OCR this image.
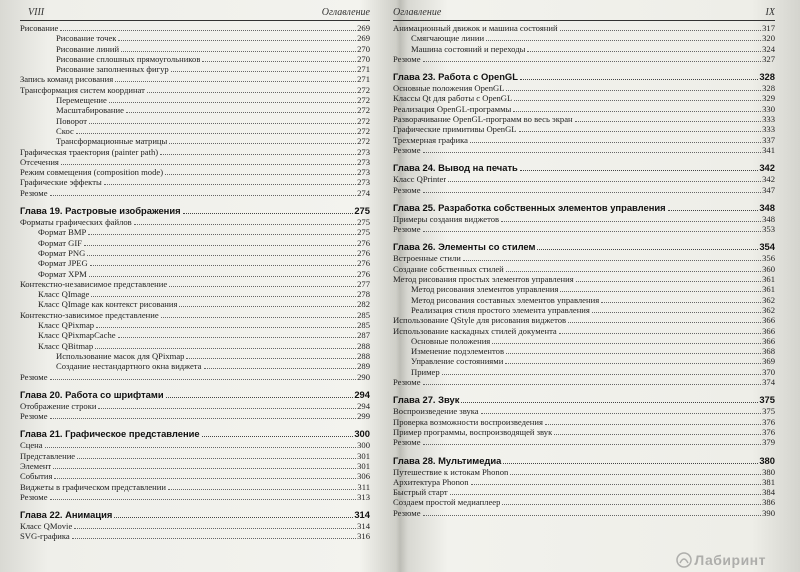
VIII	Оглавление
Рисование	269
Рисование точек	269
Рисование линий	270
Рисование сплошных прямоугольников	270
Рисование заполненных фигур	271
Запись команд рисования	271
Трансформация систем координат	272
Перемещение	272
Масштабирование	272
Поворот	272
Скос	272
Трансформационные матрицы	272
Графическая траектория (painter path)	273
Отсечения	273
Режим совмещения (composition mode)	273
Графические эффекты	273
Резюме	274
Глава 19. Растровые изображения	275
Форматы графических файлов	275
Формат BMP	275
Формат GIF	276
Формат PNG	276
Формат JPEG	276
Формат XPM	276
Контекстно-независимое представление	277
Класс QImage	278
Класс QImage как контекст рисования	282
Контекстно-зависимое представление	285
Класс QPixmap	285
Класс QPixmapCache	287
Класс QBitmap	288
Использование масок для QPixmap	288
Создание нестандартного окна виджета	289
Резюме	290
Глава 20. Работа со шрифтами	294
Отображение строки	294
Резюме	299
Глава 21. Графическое представление	300
Сцена	300
Представление	301
Элемент	301
События	306
Виджеты в графическом представлении	311
Резюме	313
Глава 22. Анимация	314
Класс QMovie	314
SVG-графика	316
Оглавление	IX
Анимационный движок и машина состояний	317
Смягчающие линии	320
Машина состояний и переходы	324
Резюме	327
Глава 23. Работа с OpenGL	328
Основные положения OpenGL	328
Классы Qt для работы с OpenGL	329
Реализация OpenGL-программы	330
Разворачивание OpenGL-программ во весь экран	333
Графические примитивы OpenGL	333
Трехмерная графика	337
Резюме	341
Глава 24. Вывод на печать	342
Класс QPrinter	342
Резюме	347
Глава 25. Разработка собственных элементов управления	348
Примеры создания виджетов	348
Резюме	353
Глава 26. Элементы со стилем	354
Встроенные стили	356
Создание собственных стилей	360
Метод рисования простых элементов управления	361
Метод рисования элементов управления	361
Метод рисования составных элементов управления	362
Реализация стиля простого элемента управления	362
Использование QStyle для рисования виджетов	366
Использование каскадных стилей документа	366
Основные положения	366
Изменение подэлементов	368
Управление состояниями	369
Пример	370
Резюме	374
Глава 27. Звук	375
Воспроизведение звука	375
Проверка возможности воспроизведения	376
Пример программы, воспроизводящей звук	376
Резюме	379
Глава 28. Мультимедиа	380
Путешествие к истокам Phonon	380
Архитектура Phonon	381
Быстрый старт	384
Создаем простой медиаплеер	386
Резюме	390
Лабиринт
